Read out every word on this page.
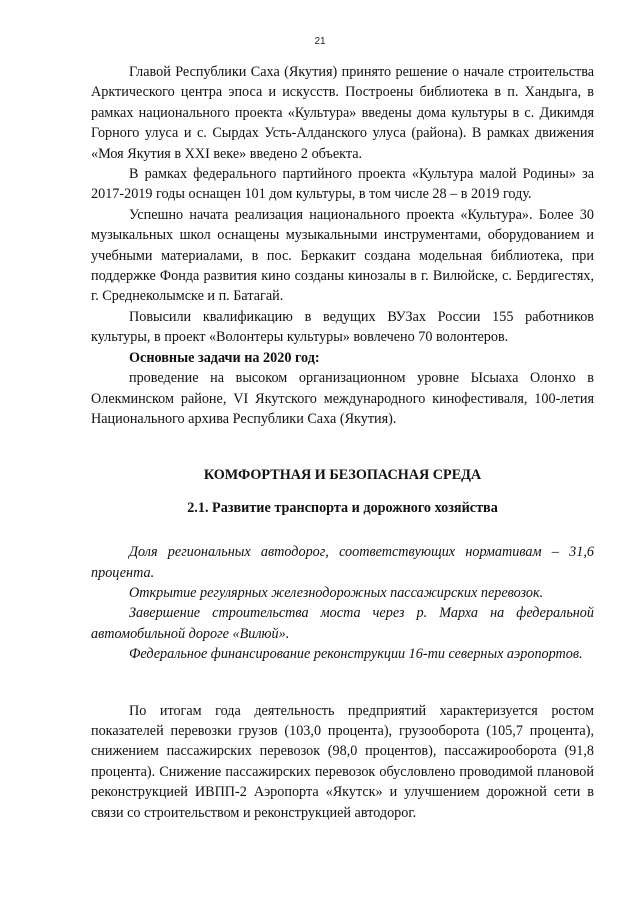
21

Главой Республики Саха (Якутия) принято решение о начале строительства Арктического центра эпоса и искусств. Построены библиотека в п. Хандыга, в рамках национального проекта «Культура» введены дома культуры в с. Дикимдя Горного улуса и с. Сырдах Усть-Алданского улуса (района). В рамках движения «Моя Якутия в XXI веке» введено 2 объекта.

В рамках федерального партийного проекта «Культура малой Родины» за 2017-2019 годы оснащен 101 дом культуры, в том числе 28 – в 2019 году.

Успешно начата реализация национального проекта «Культура». Более 30 музыкальных школ оснащены музыкальными инструментами, оборудованием и учебными материалами, в пос. Беркакит создана модельная библиотека, при поддержке Фонда развития кино созданы кинозалы в г. Вилюйске, с. Бердигестях, г. Среднеколымске и п. Батагай.

Повысили квалификацию в ведущих ВУЗах России 155 работников культуры, в проект «Волонтеры культуры» вовлечено 70 волонтеров.

Основные задачи на 2020 год:

проведение на высоком организационном уровне Ысыаха Олонхо в Олекминском районе, VI Якутского международного кинофестиваля, 100-летия Национального архива Республики Саха (Якутия).

КОМФОРТНАЯ И БЕЗОПАСНАЯ СРЕДА

2.1. Развитие транспорта и дорожного хозяйства

Доля региональных автодорог, соответствующих нормативам – 31,6 процента.

Открытие регулярных железнодорожных пассажирских перевозок.

Завершение строительства моста через р. Марха на федеральной автомобильной дороге «Вилюй».

Федеральное финансирование реконструкции 16-ти северных аэропортов.

По итогам года деятельность предприятий характеризуется ростом показателей перевозки грузов (103,0 процента), грузооборота (105,7 процента), снижением пассажирских перевозок (98,0 процентов), пассажирооборота (91,8 процента). Снижение пассажирских перевозок обусловлено проводимой плановой реконструкцией ИВПП-2 Аэропорта «Якутск» и улучшением дорожной сети в связи со строительством и реконструкцией автодорог.
